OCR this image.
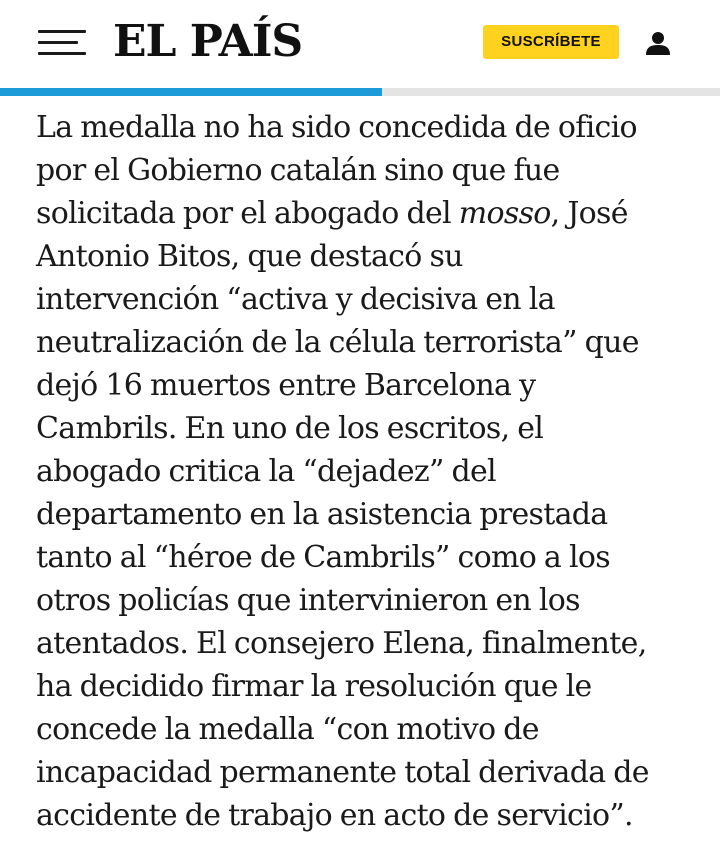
EL PAÍS	SUSCRÍBETE

La medalla no ha sido concedida de oficio
por el Gobierno catalán sino que fue
solicitada por el abogado del mosso, José
Antonio Bitos, que destacó su
intervención “activa y decisiva en la
neutralización de la célula terrorista” que
dejó 16 muertos entre Barcelona y
Cambrils. En uno de los escritos, el
abogado critica la “dejadez” del
departamento en la asistencia prestada
tanto al “héroe de Cambrils” como a los
otros policías que intervinieron en los
atentados. El consejero Elena, finalmente,
ha decidido firmar la resolución que le
concede la medalla “con motivo de
incapacidad permanente total derivada de
accidente de trabajo en acto de servicio”.
